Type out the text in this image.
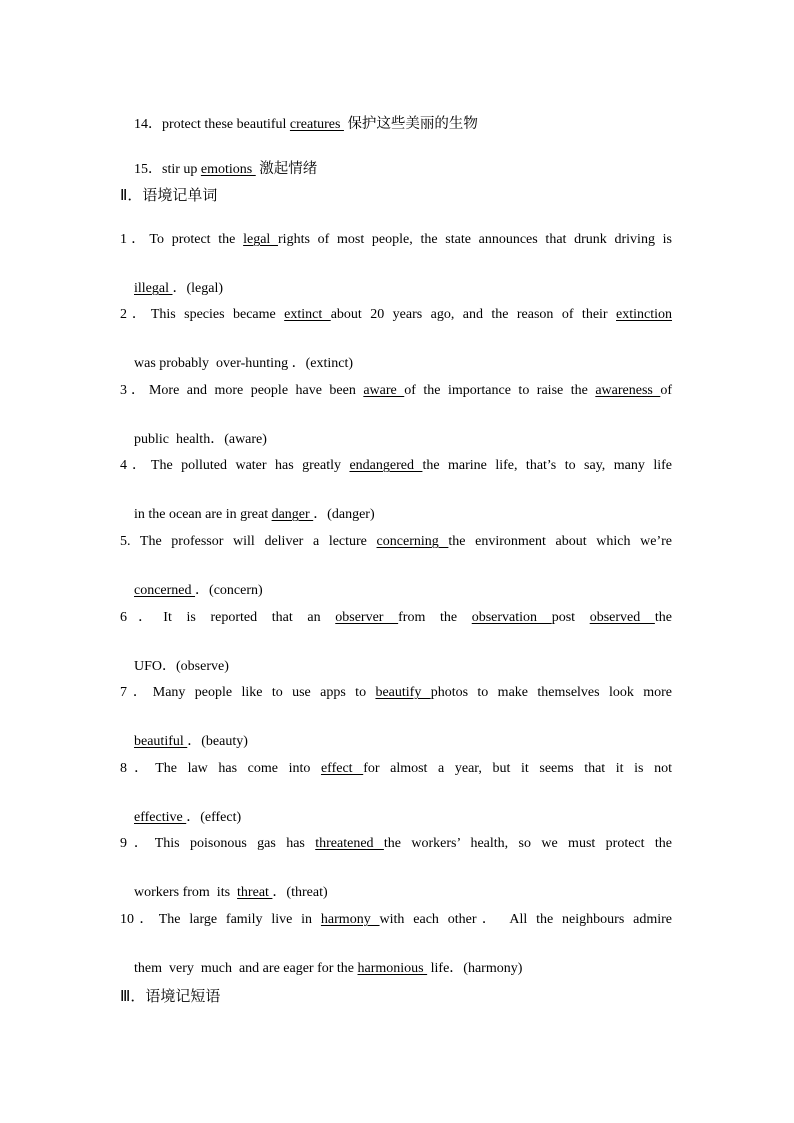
14．protect these beautiful creatures  保护这些美丽的生物

15．stir up emotions  激起情绪

Ⅱ．语境记单词
1．To protect the legal rights of most people, the state announces that drunk driving is

illegal ．(legal)

2．This species became extinct about 20 years ago, and the reason of their extinction

was probably  over-hunting ．(extinct)

3．More and more people have been aware of the importance to raise the awareness of

public  health．(aware)

4．The polluted water has greatly endangered the marine life, that’s to say, many life

in the ocean are in great danger ．(danger)

5. The professor will deliver a lecture concerning the environment about which we’re

concerned ．(concern)

6．It is reported that an observer from the observation post observed the

UFO．(observe)

7．Many people like to use apps to beautify photos to make themselves look more

beautiful ．(beauty)

8．The law has come into effect for almost a year, but it seems that it is not

effective ．(effect)

9．This poisonous gas has threatened the workers’ health, so we must protect the

workers from  its  threat ．(threat)

10．The large family live in harmony with each other． All the neighbours admire

them  very  much  and are eager for the harmonious  life．(harmony)

Ⅲ．语境记短语
